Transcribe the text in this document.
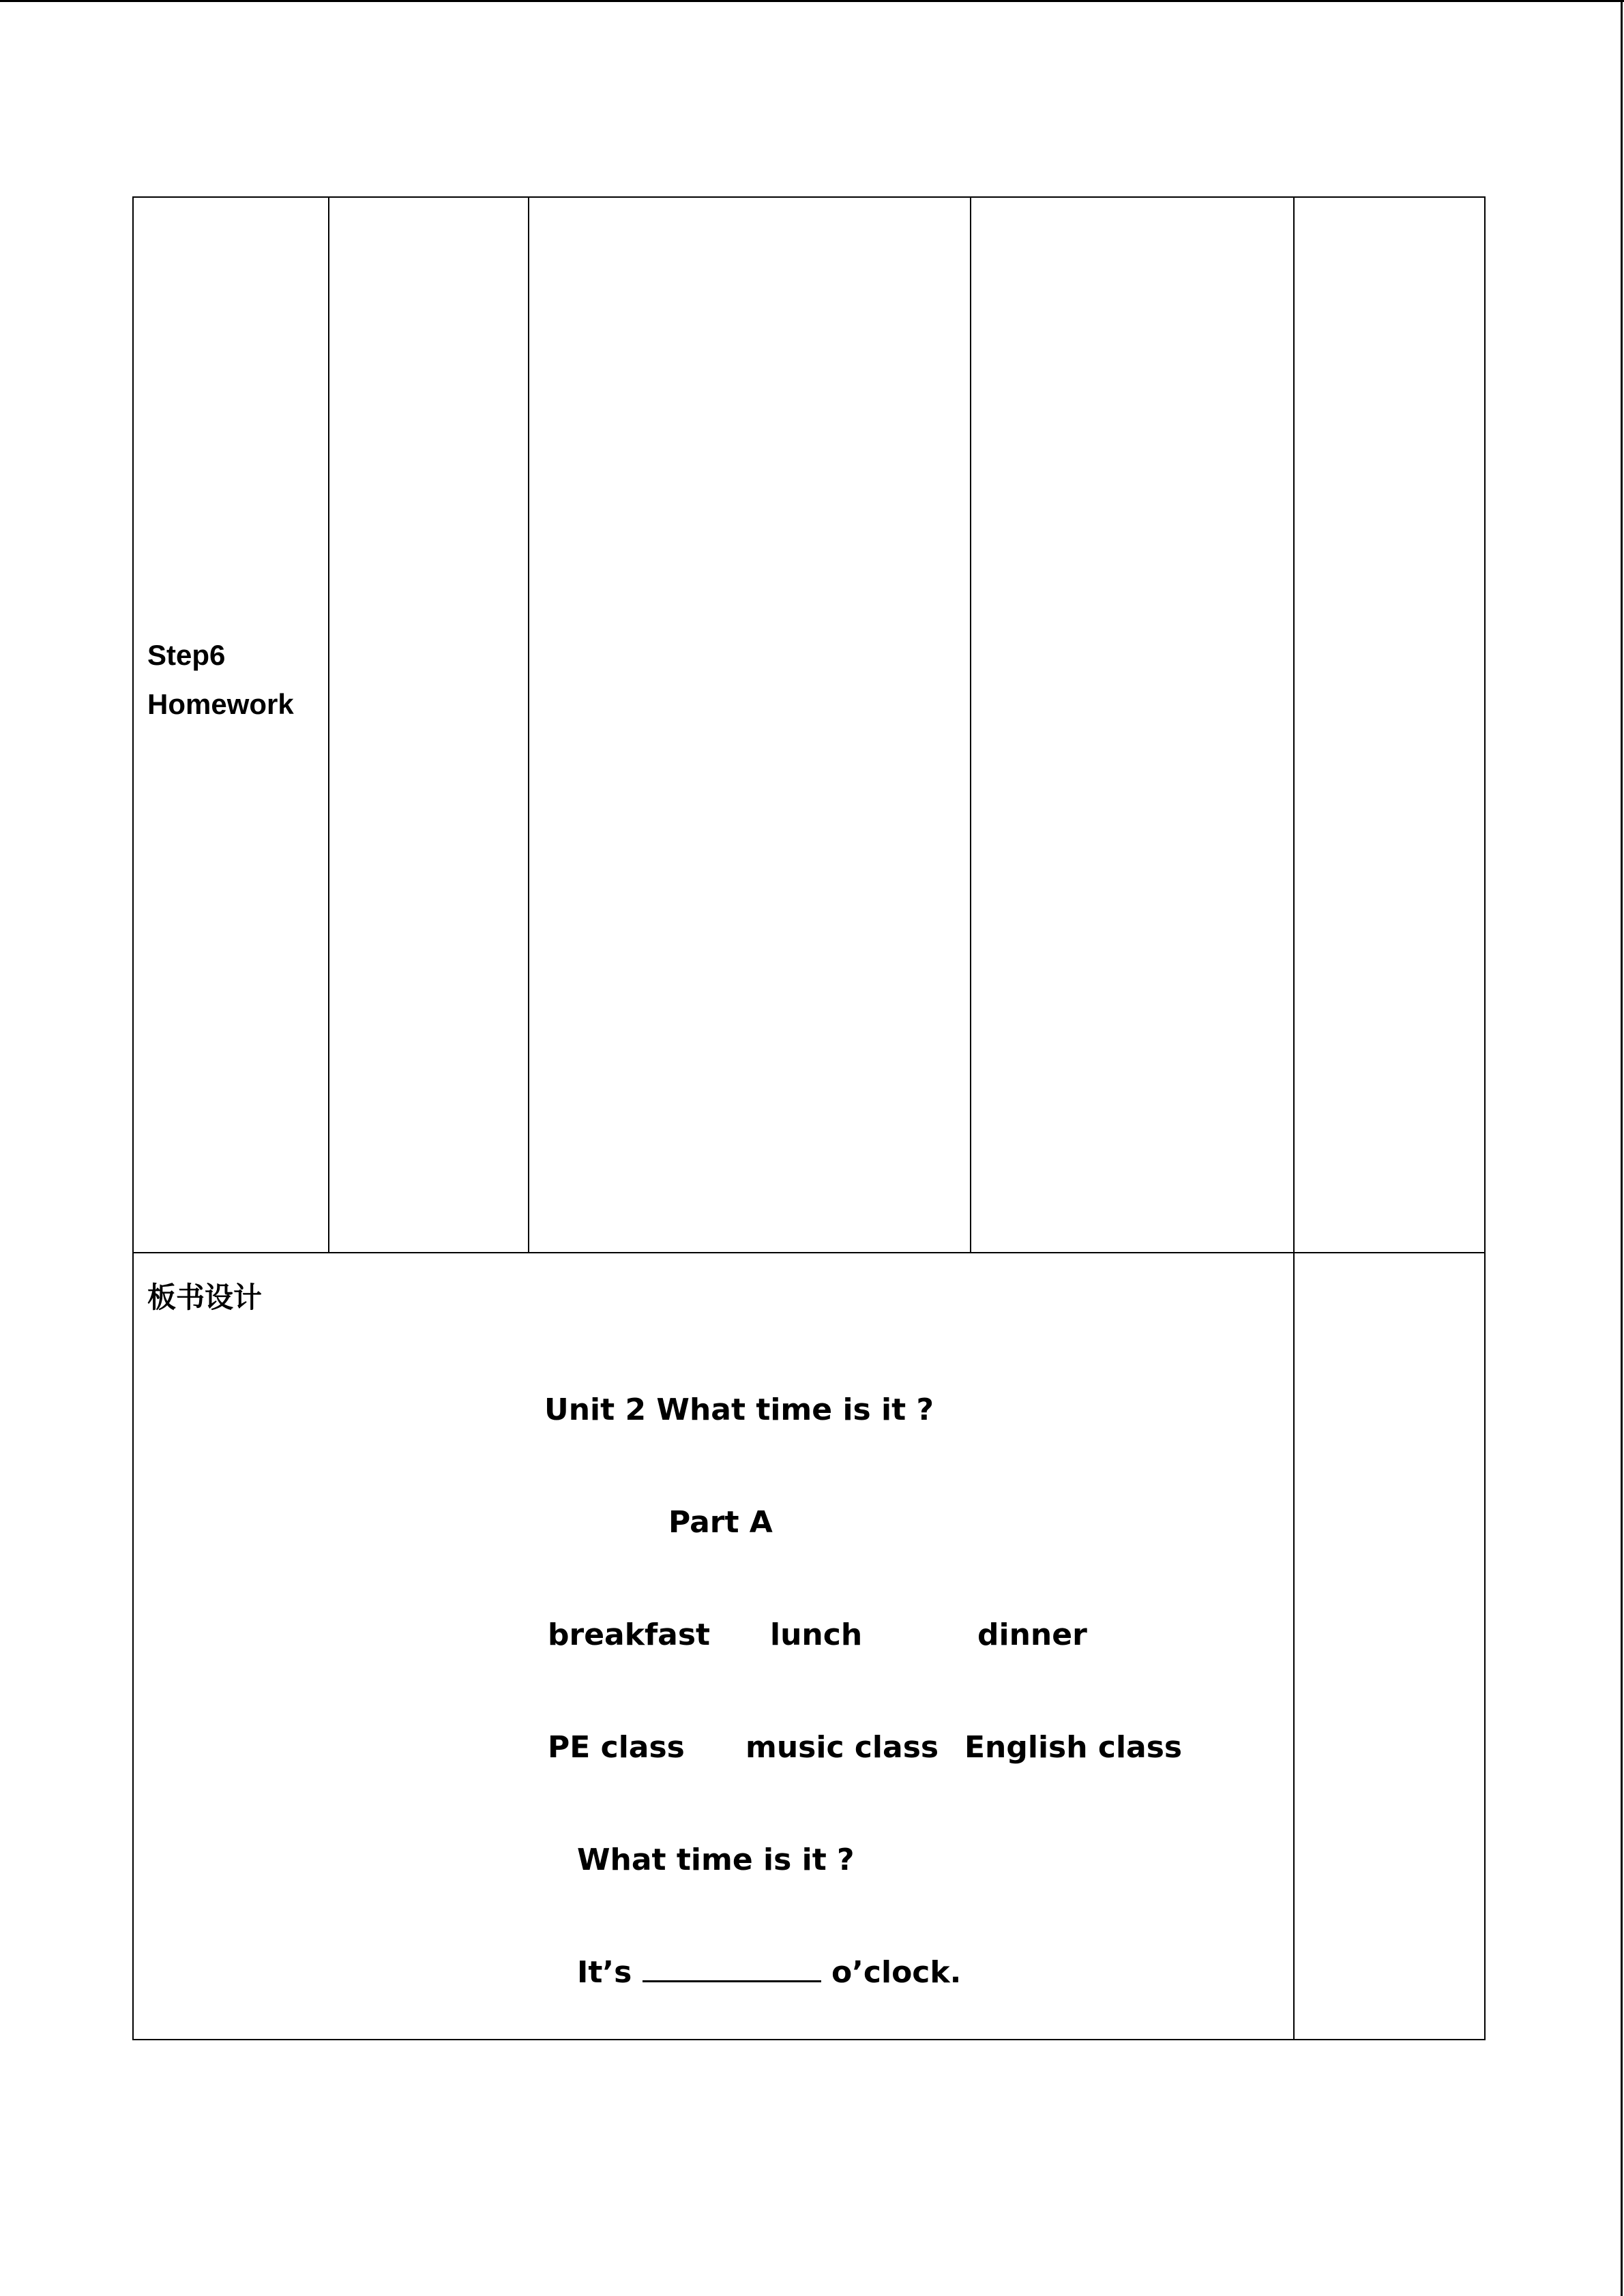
Step6
Homework
板书设计
Unit 2 What time is it ?
Part A
breakfast lunch	dinner
PE class music class English class
What time is it ?
It’s	o’clock.
